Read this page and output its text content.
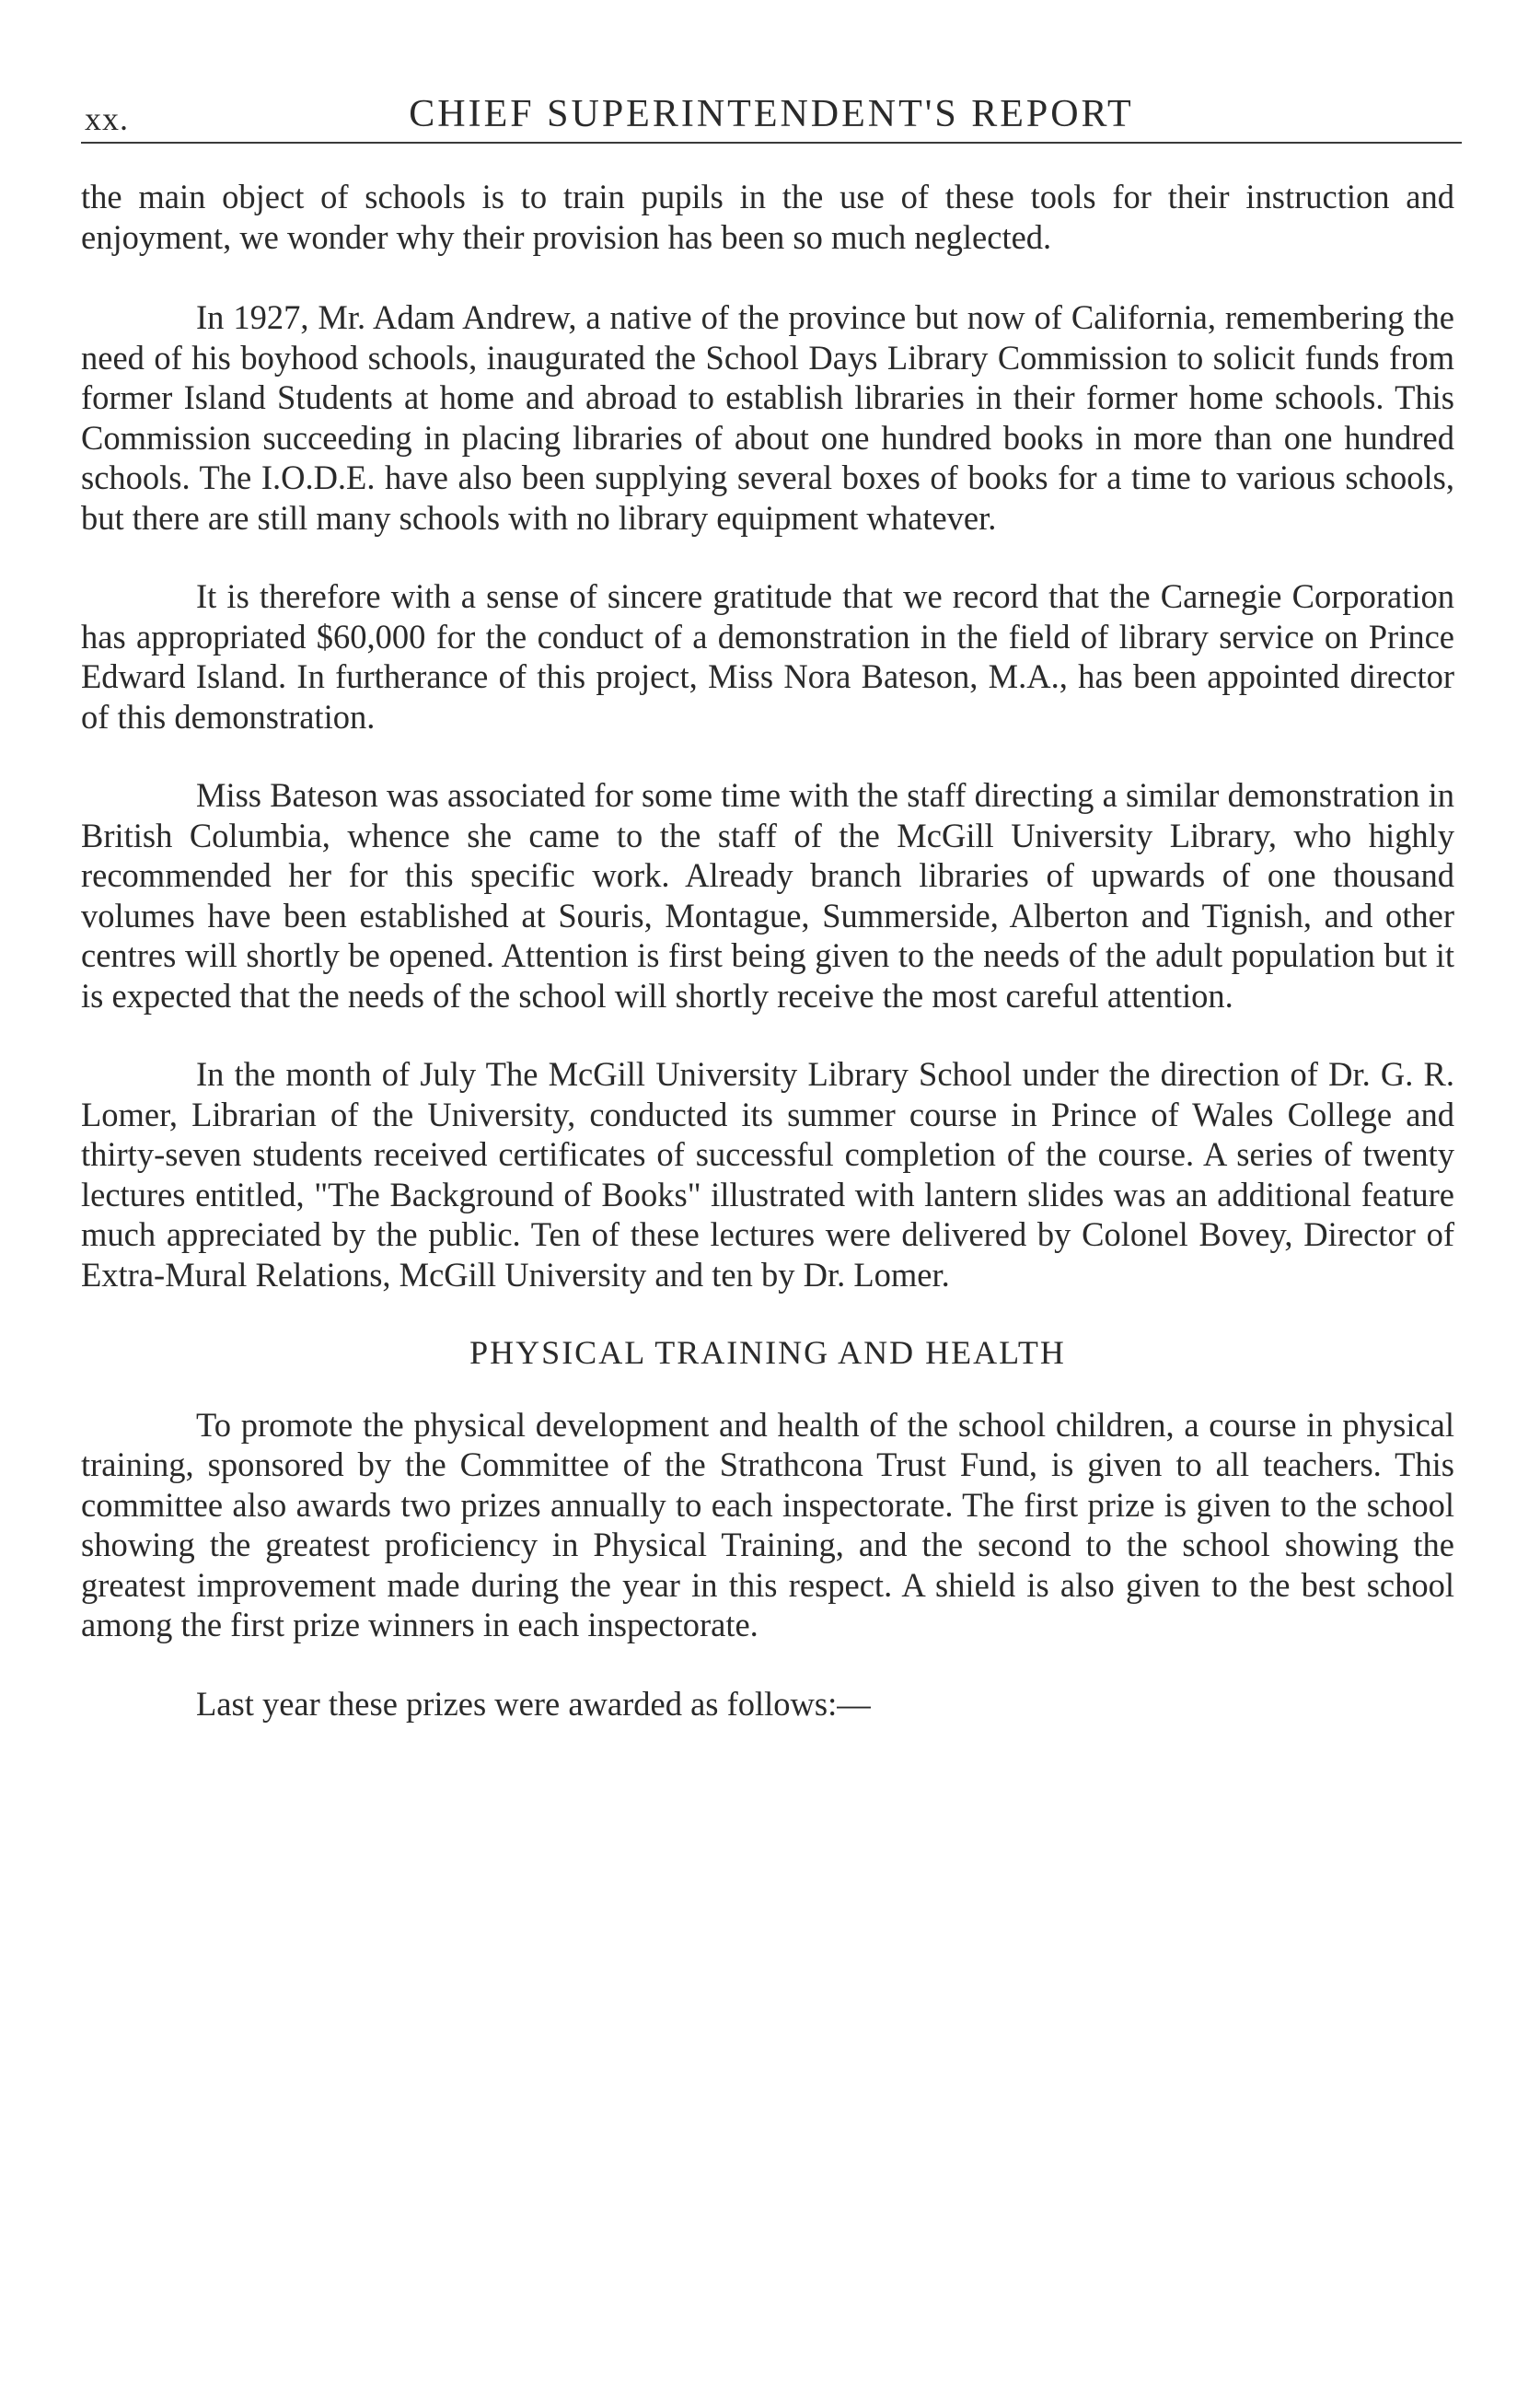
xx.	CHIEF SUPERINTENDENT'S REPORT

the main object of schools is to train pupils in the use of these tools for their instruction and enjoyment, we wonder why their provision has been so much neglected.

In 1927, Mr. Adam Andrew, a native of the province but now of California, remembering the need of his boyhood schools, inaugurated the School Days Library Commission to solicit funds from former Island Students at home and abroad to establish libraries in their former home schools. This Commission succeeding in placing libraries of about one hundred books in more than one hundred schools. The I.O.D.E. have also been supplying several boxes of books for a time to various schools, but there are still many schools with no library equipment whatever.

It is therefore with a sense of sincere gratitude that we record that the Carnegie Corporation has appropriated $60,000 for the conduct of a demonstration in the field of library service on Prince Edward Island. In furtherance of this project, Miss Nora Bateson, M.A., has been appointed director of this demonstration.

Miss Bateson was associated for some time with the staff directing a similar demonstration in British Columbia, whence she came to the staff of the McGill University Library, who highly recommended her for this specific work. Already branch libraries of upwards of one thousand volumes have been established at Souris, Montague, Summerside, Alberton and Tignish, and other centres will shortly be opened. Attention is first being given to the needs of the adult population but it is expected that the needs of the school will shortly receive the most careful attention.

In the month of July The McGill University Library School under the direction of Dr. G. R. Lomer, Librarian of the University, conducted its summer course in Prince of Wales College and thirty-seven students received certificates of successful completion of the course. A series of twenty lectures entitled, "The Background of Books" illustrated with lantern slides was an additional feature much appreciated by the public. Ten of these lectures were delivered by Colonel Bovey, Director of Extra-Mural Relations, McGill University and ten by Dr. Lomer.

PHYSICAL TRAINING AND HEALTH

To promote the physical development and health of the school children, a course in physical training, sponsored by the Committee of the Strathcona Trust Fund, is given to all teachers. This committee also awards two prizes annually to each inspectorate. The first prize is given to the school showing the greatest proficiency in Physical Training, and the second to the school showing the greatest improvement made during the year in this respect. A shield is also given to the best school among the first prize winners in each inspectorate.

Last year these prizes were awarded as follows:—
